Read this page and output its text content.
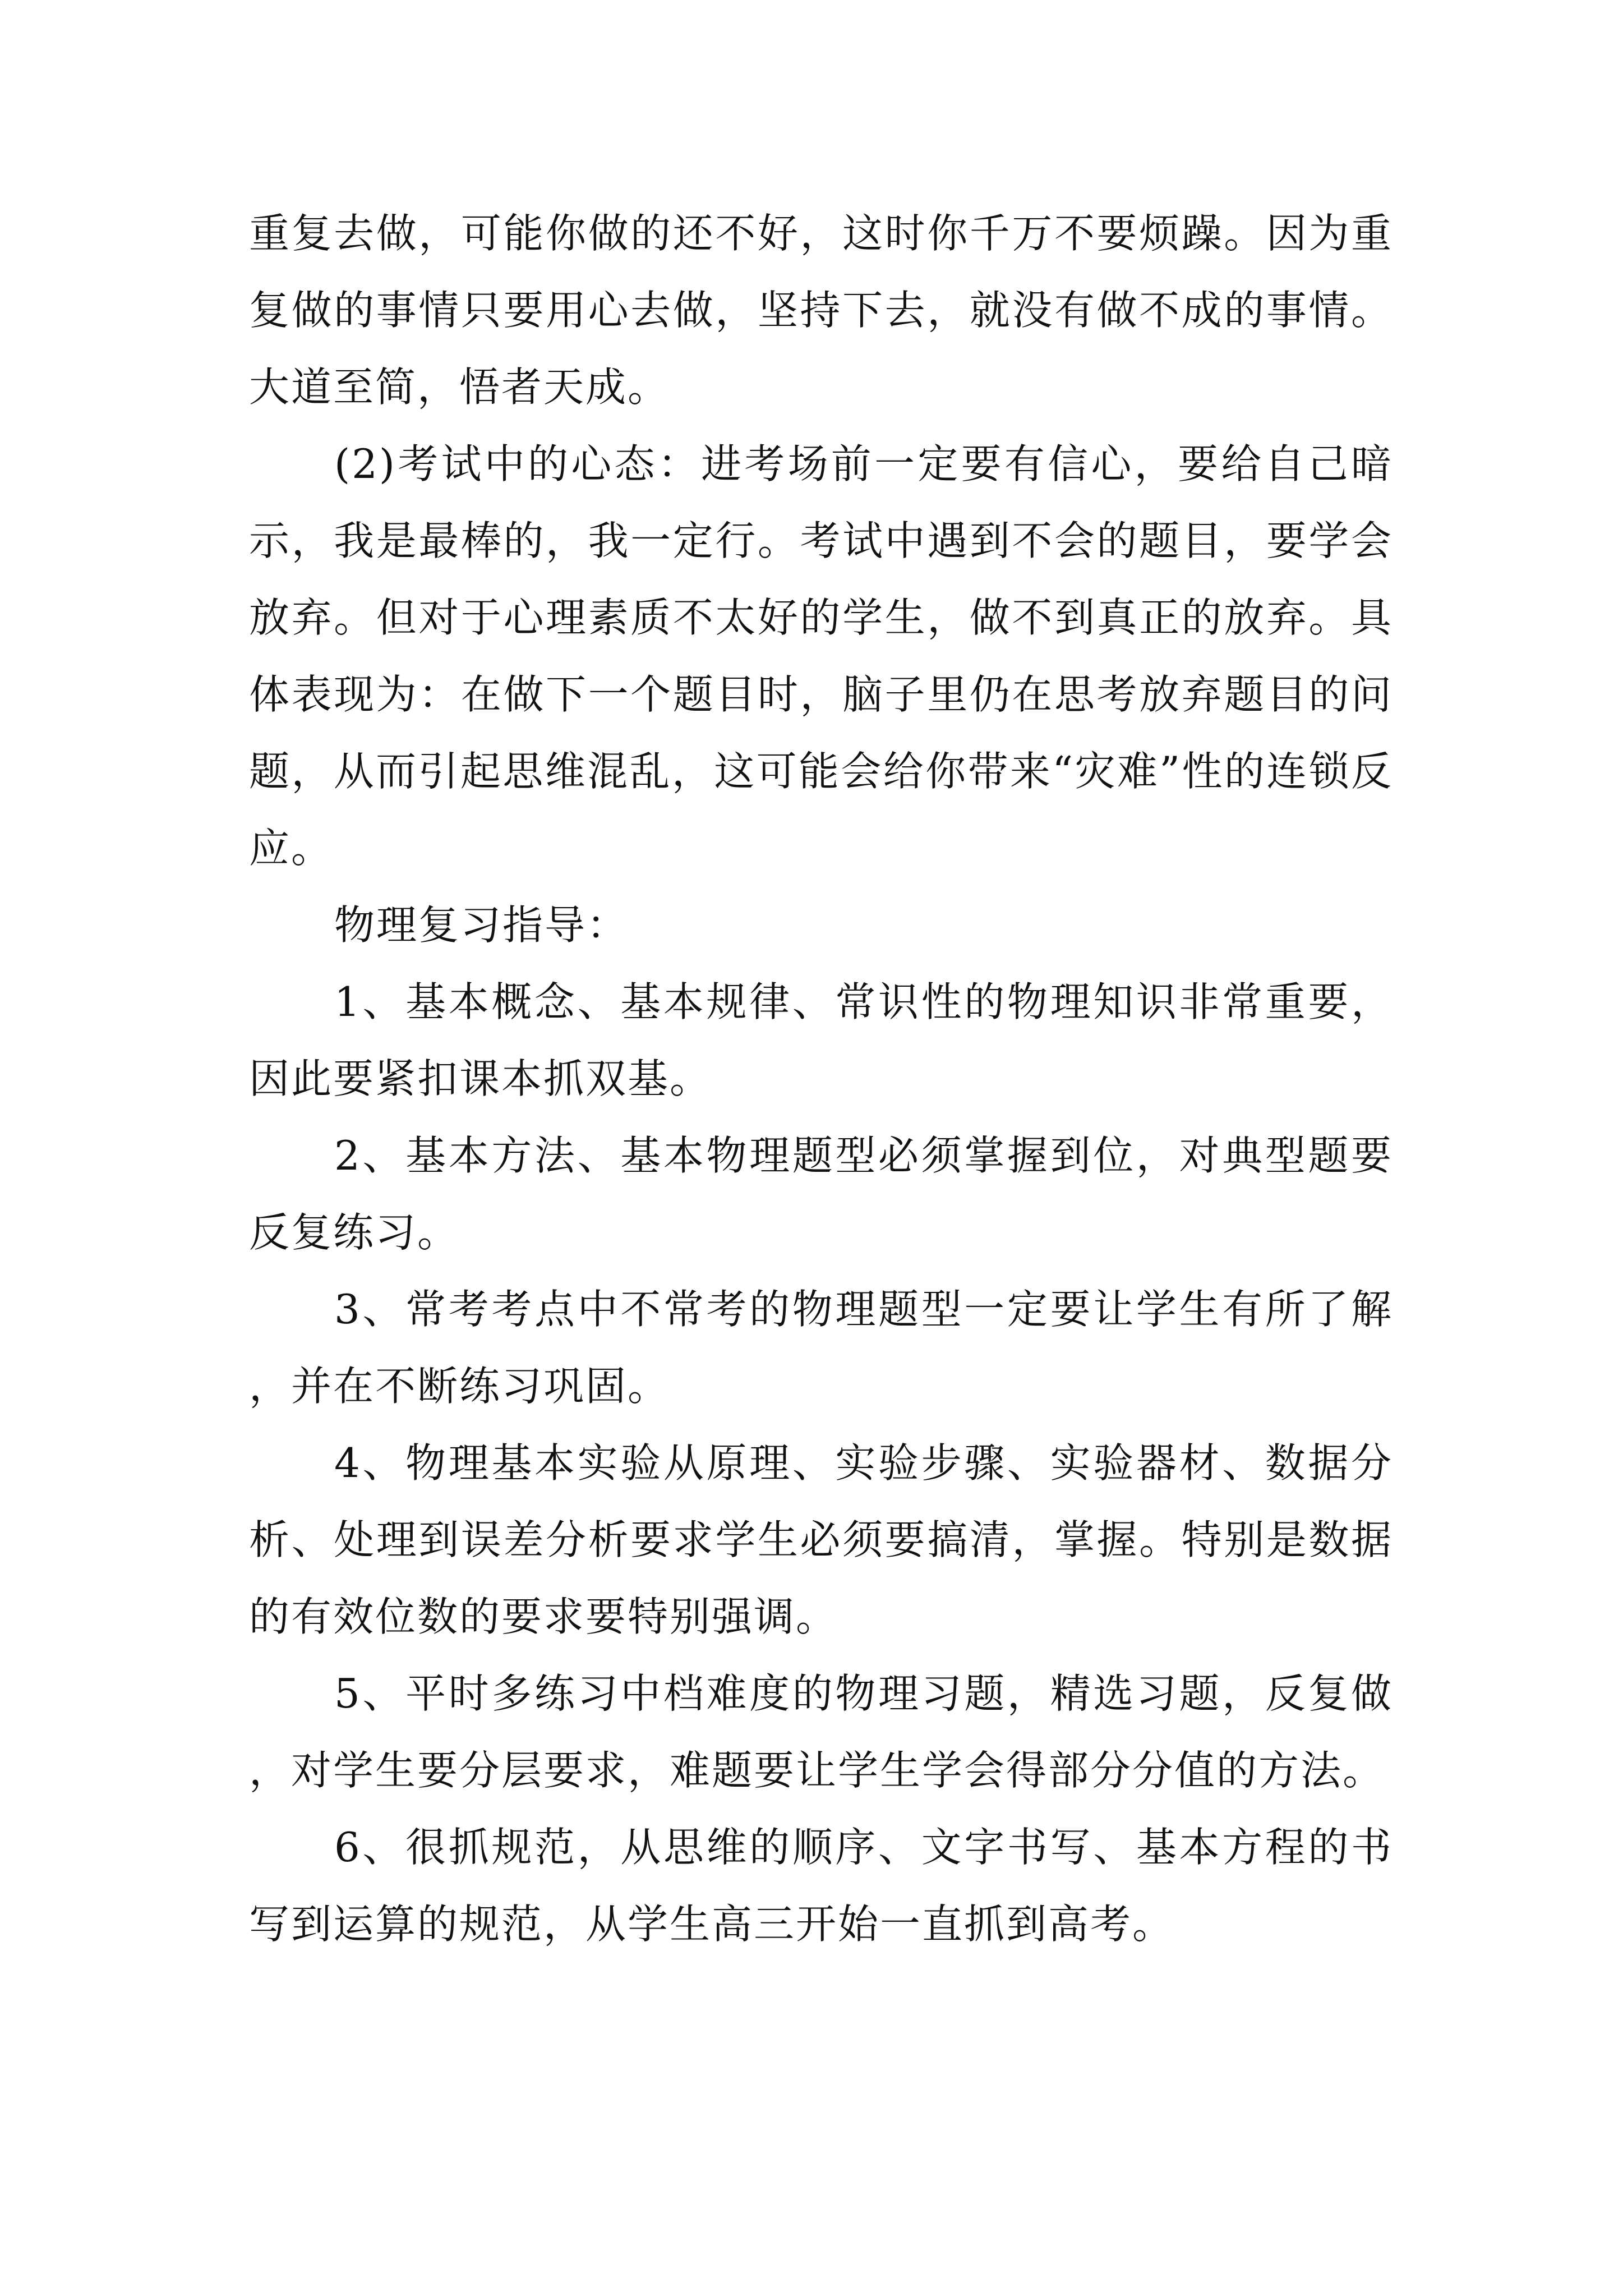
重复去做，可能你做的还不好，这时你千万不要烦躁。因为重复做的事情只要用心去做，坚持下去，就没有做不成的事情。大道至简，悟者天成。

(2)考试中的心态：进考场前一定要有信心，要给自己暗示，我是最棒的，我一定行。考试中遇到不会的题目，要学会放弃。但对于心理素质不太好的学生，做不到真正的放弃。具体表现为：在做下一个题目时，脑子里仍在思考放弃题目的问题，从而引起思维混乱，这可能会给你带来“灾难”性的连锁反应。

物理复习指导：

1、基本概念、基本规律、常识性的物理知识非常重要，因此要紧扣课本抓双基。

2、基本方法、基本物理题型必须掌握到位，对典型题要反复练习。

3、常考考点中不常考的物理题型一定要让学生有所了解，并在不断练习巩固。

4、物理基本实验从原理、实验步骤、实验器材、数据分析、处理到误差分析要求学生必须要搞清，掌握。特别是数据的有效位数的要求要特别强调。

5、平时多练习中档难度的物理习题，精选习题，反复做，对学生要分层要求，难题要让学生学会得部分分值的方法。

6、很抓规范，从思维的顺序、文字书写、基本方程的书写到运算的规范，从学生高三开始一直抓到高考。
